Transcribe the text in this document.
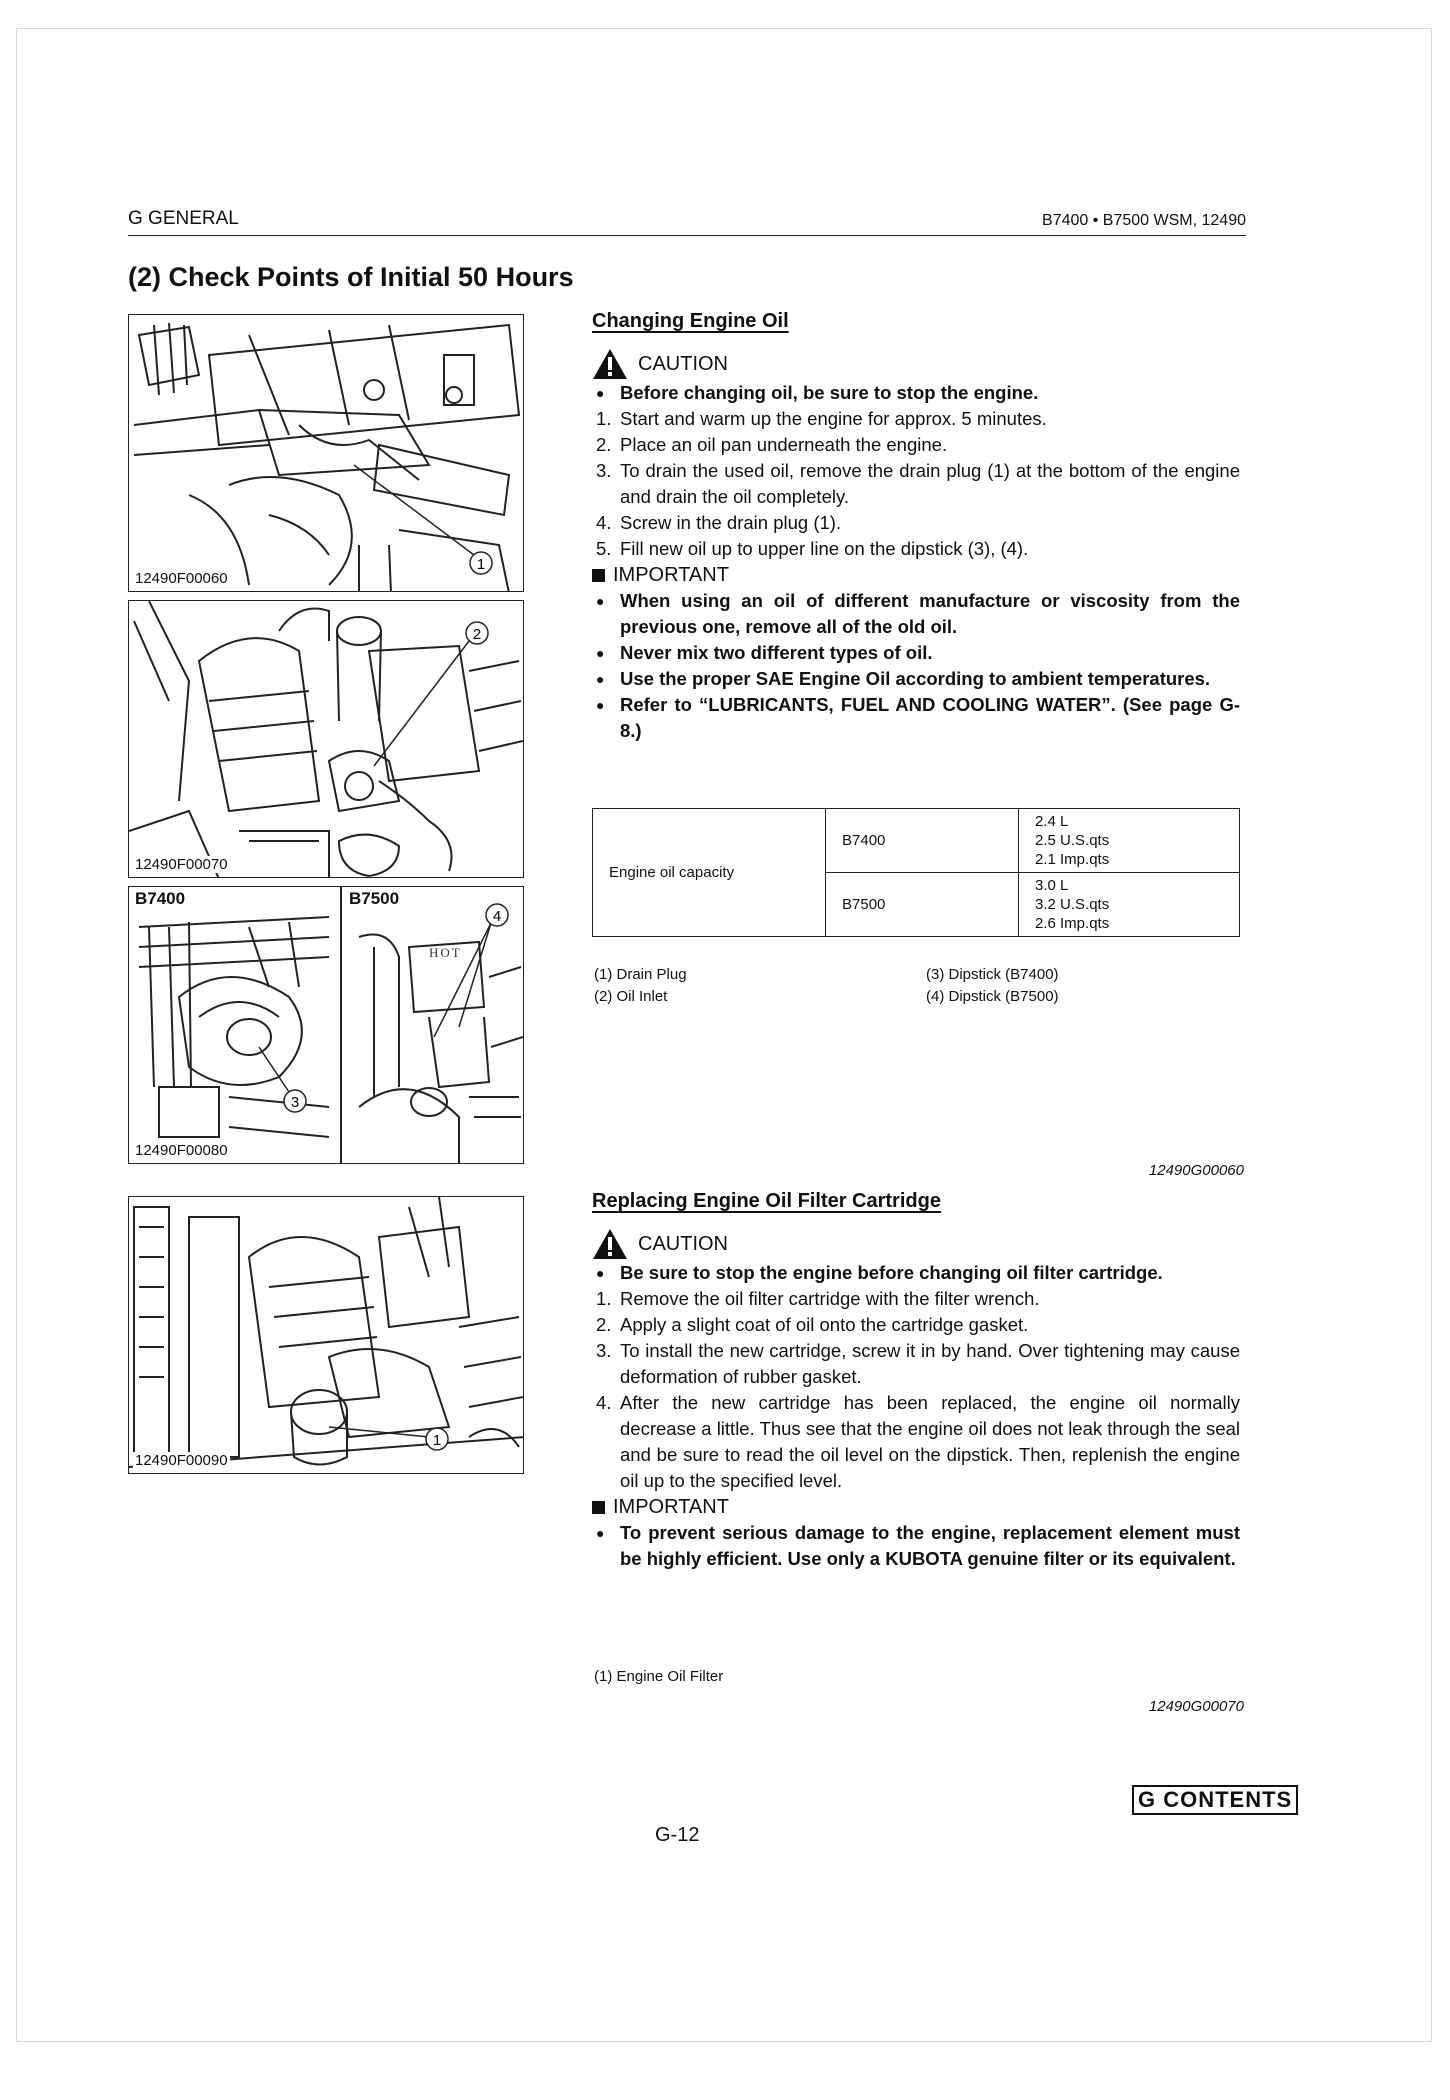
G GENERAL	B7400 • B7500 WSM, 12490
(2) Check Points of Initial 50 Hours
1
12490F00060
2
12490F00070
HOT
3
4
B7400	B7500
12490F00080
1
12490F00090
Changing Engine Oil
CAUTION
● Before changing oil, be sure to stop the engine.
1. Start and warm up the engine for approx. 5 minutes.
2. Place an oil pan underneath the engine.
3. To drain the used oil, remove the drain plug (1) at the bottom of the engine and drain the oil completely.
4. Screw in the drain plug (1).
5. Fill new oil up to upper line on the dipstick (3), (4).
IMPORTANT
● When using an oil of different manufacture or viscosity from the previous one, remove all of the old oil.
● Never mix two different types of oil.
● Use the proper SAE Engine Oil according to ambient temperatures.
● Refer to “LUBRICANTS, FUEL AND COOLING WATER”. (See page G-8.)
Engine oil capacity	B7400	2.4 L
2.5 U.S.qts
2.1 Imp.qts

	B7500	3.0 L
3.2 U.S.qts
2.6 Imp.qts
(1) Drain Plug
(2) Oil Inlet
(3) Dipstick (B7400)
(4) Dipstick (B7500)
12490G00060
Replacing Engine Oil Filter Cartridge
CAUTION
● Be sure to stop the engine before changing oil filter cartridge.
1. Remove the oil filter cartridge with the filter wrench.
2. Apply a slight coat of oil onto the cartridge gasket.
3. To install the new cartridge, screw it in by hand. Over tightening may cause deformation of rubber gasket.
4. After the new cartridge has been replaced, the engine oil normally decrease a little. Thus see that the engine oil does not leak through the seal and be sure to read the oil level on the dipstick. Then, replenish the engine oil up to the specified level.
IMPORTANT
● To prevent serious damage to the engine, replacement element must be highly efficient. Use only a KUBOTA genuine filter or its equivalent.
(1) Engine Oil Filter
12490G00070
G CONTENTS
G-12
